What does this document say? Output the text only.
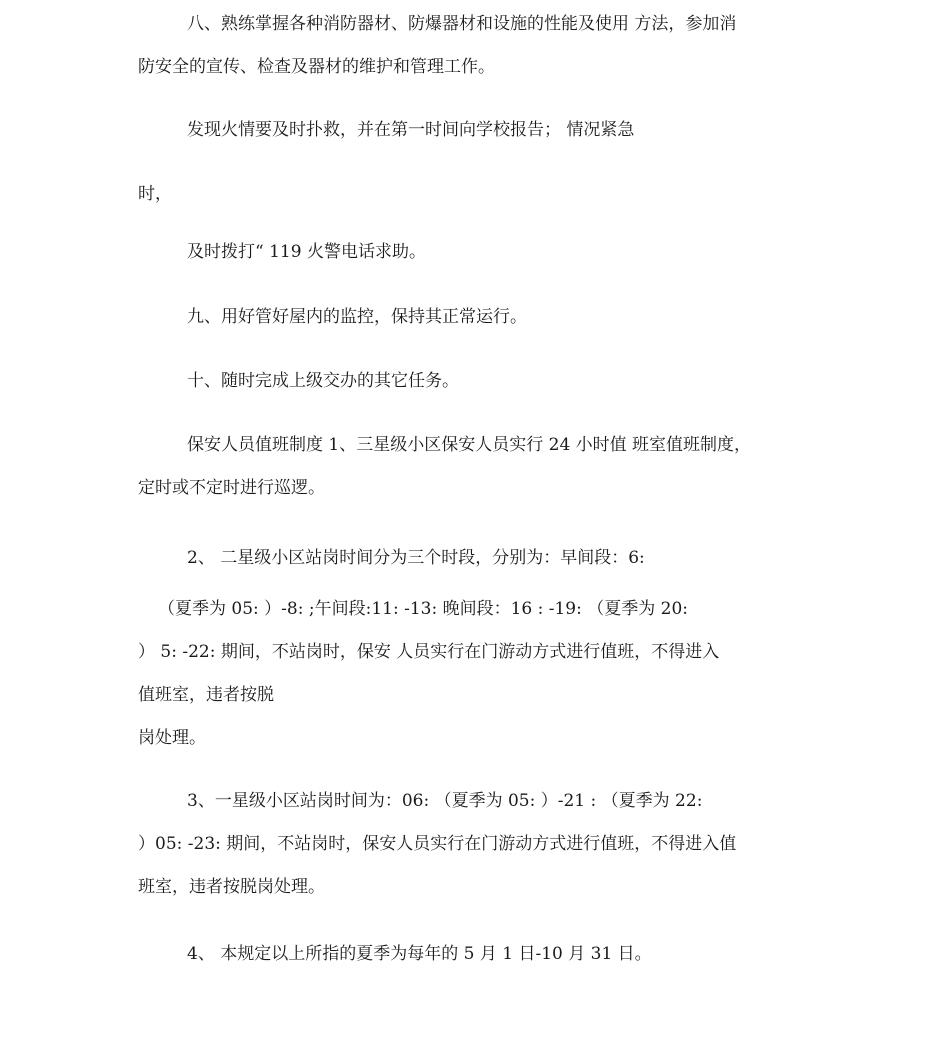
八、熟练掌握各种消防器材、防爆器材和设施的性能及使用 方法，参加消

防安全的宣传、检查及器材的维护和管理工作。

发现火情要及时扑救，并在第一时间向学校报告； 情况紧急

时，

及时拨打“ 119 火警电话求助。

九、用好管好屋内的监控，保持其正常运行。

十、随时完成上级交办的其它任务。

保安人员值班制度 1、三星级小区保安人员实行 24 小时值 班室值班制度，

定时或不定时进行巡逻。

2、 二星级小区站岗时间分为三个时段，分别为：早间段：6:

（夏季为 05: ）-8: ;午间段:11: -13: 晚间段：16 : -19: （夏季为 20:

） 5: -22: 期间，不站岗时，保安 人员实行在门游动方式进行值班，不得进入

值班室，违者按脱

岗处理。

3、一星级小区站岗时间为：06: （夏季为 05: ）-21 : （夏季为 22:

）05: -23: 期间，不站岗时，保安人员实行在门游动方式进行值班，不得进入值

班室，违者按脱岗处理。

4、 本规定以上所指的夏季为每年的 5 月 1 日-10 月 31 日。
